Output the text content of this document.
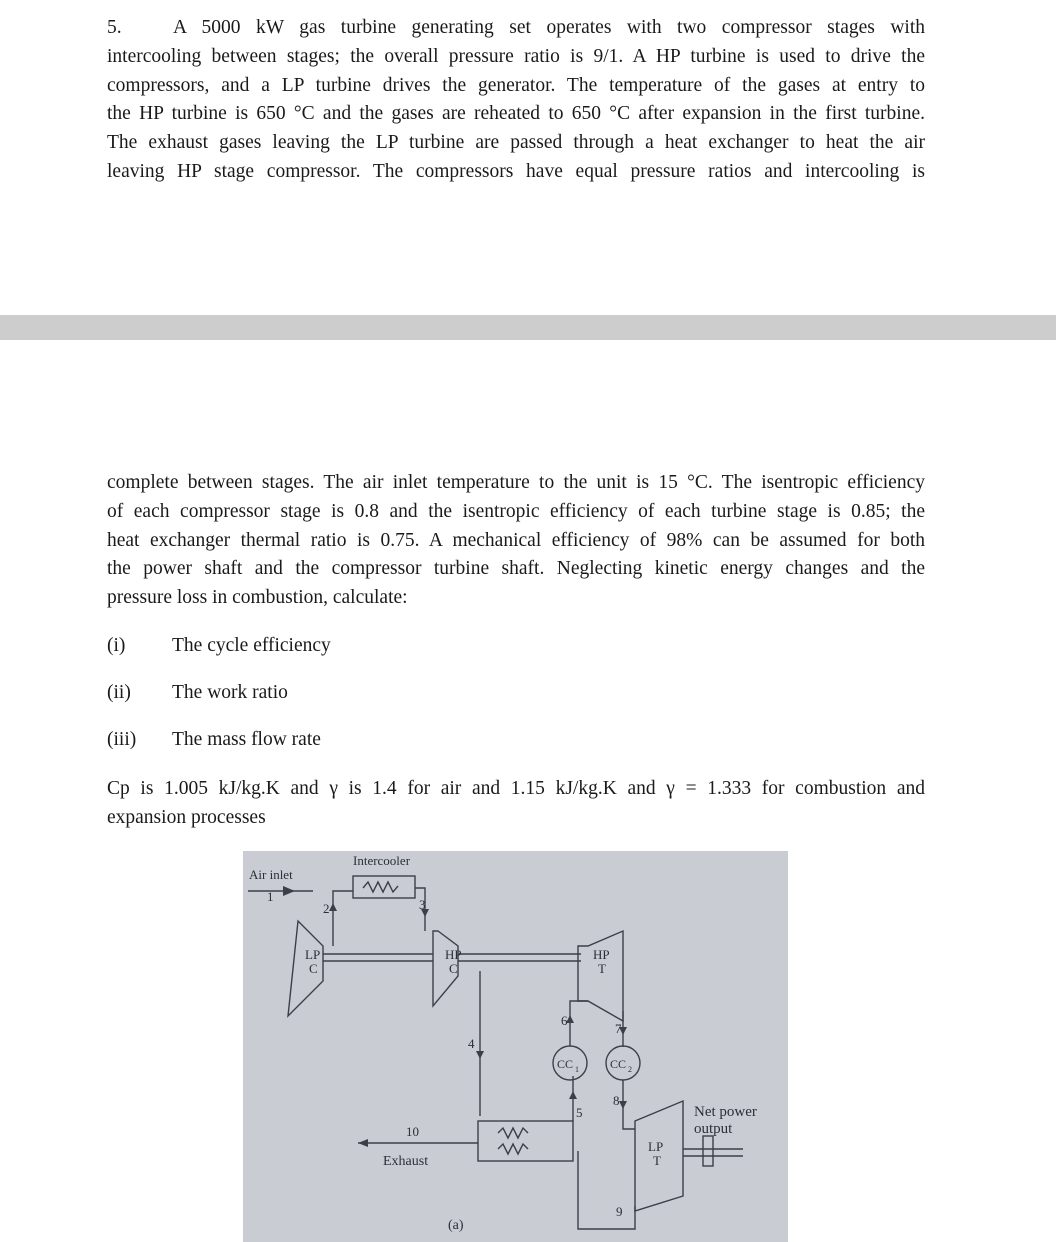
5.	A 5000 kW gas turbine generating set operates with two compressor stages with
intercooling between stages; the overall pressure ratio is 9/1. A HP turbine is used to drive the
compressors, and a LP turbine drives the generator. The temperature of the gases at entry to
the HP turbine is 650 °C and the gases are reheated to 650 °C after expansion in the first turbine.
The exhaust gases leaving the LP turbine are passed through a heat exchanger to heat the air
leaving HP stage compressor. The compressors have equal pressure ratios and intercooling is
complete between stages. The air inlet temperature to the unit is 15 °C. The isentropic efficiency
of each compressor stage is 0.8 and the isentropic efficiency of each turbine stage is 0.85; the
heat exchanger thermal ratio is 0.75. A mechanical efficiency of 98% can be assumed for both
the power shaft and the compressor turbine shaft. Neglecting kinetic energy changes and the
pressure loss in combustion, calculate:
(i) The cycle efficiency
(ii) The work ratio
(iii) The mass flow rate
Cp is 1.005 kJ/kg.K and γ is 1.4 for air and 1.15 kJ/kg.K and γ = 1.333 for combustion and
expansion processes
Intercooler
Air inlet
1
2	3
LP
C
HP
C
HP
T
LP
T
4
5
6
7
8
9
10
Exhaust
CC 1	CC 2
Net power
output
(a)
